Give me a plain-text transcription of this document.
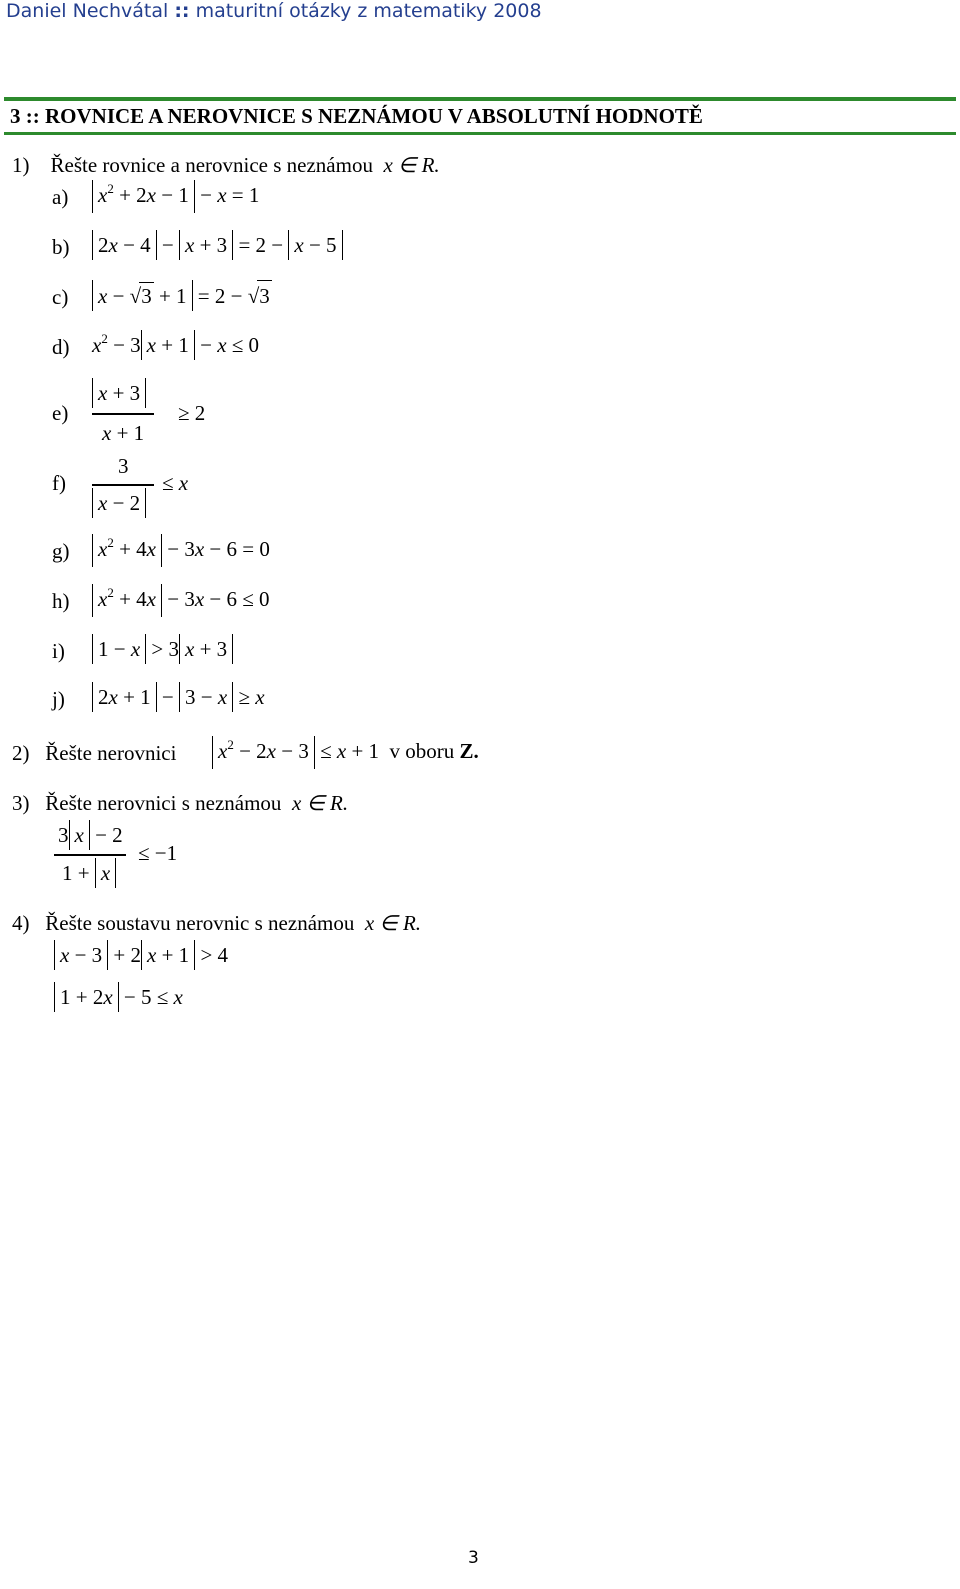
Daniel Nechvátal :: maturitní otázky z matematiky 2008
3 :: ROVNICE A NEROVNICE S NEZNÁMOU V ABSOLUTNÍ HODNOTĚ
1) Řešte rovnice a nerovnice s neznámou x ∈ R.
a) $x^2 + 2x - 1 - x = 1$
b) 2x − 4 − x + 3 = 2 − x − 5
c) x − √3 + 1 = 2 − √3
d) $x^2 - 3$ x + 1 − x ≤ 0
e)
x + 3
x + 1
≥ 2
f)
3
x − 2
≤ x
g) $x^2 + 4x - 3x - 6 = 0$
h) $x^2 + 4x - 3x - 6 \le 0$
i) 1 − x > 3 x + 3
j) 2x + 1 − 3 − x ≥ x
2) Řešte nerovnici $x^2 - 2x - 3 \le x + 1$  v oboru Z.
3) Řešte nerovnici s neznámou x ∈ R.
3 x − 2
1 + x
≤ −1
4) Řešte soustavu nerovnic s neznámou x ∈ R.
x − 3 + 2 x + 1 > 4
1 + 2x − 5 ≤ x
3
